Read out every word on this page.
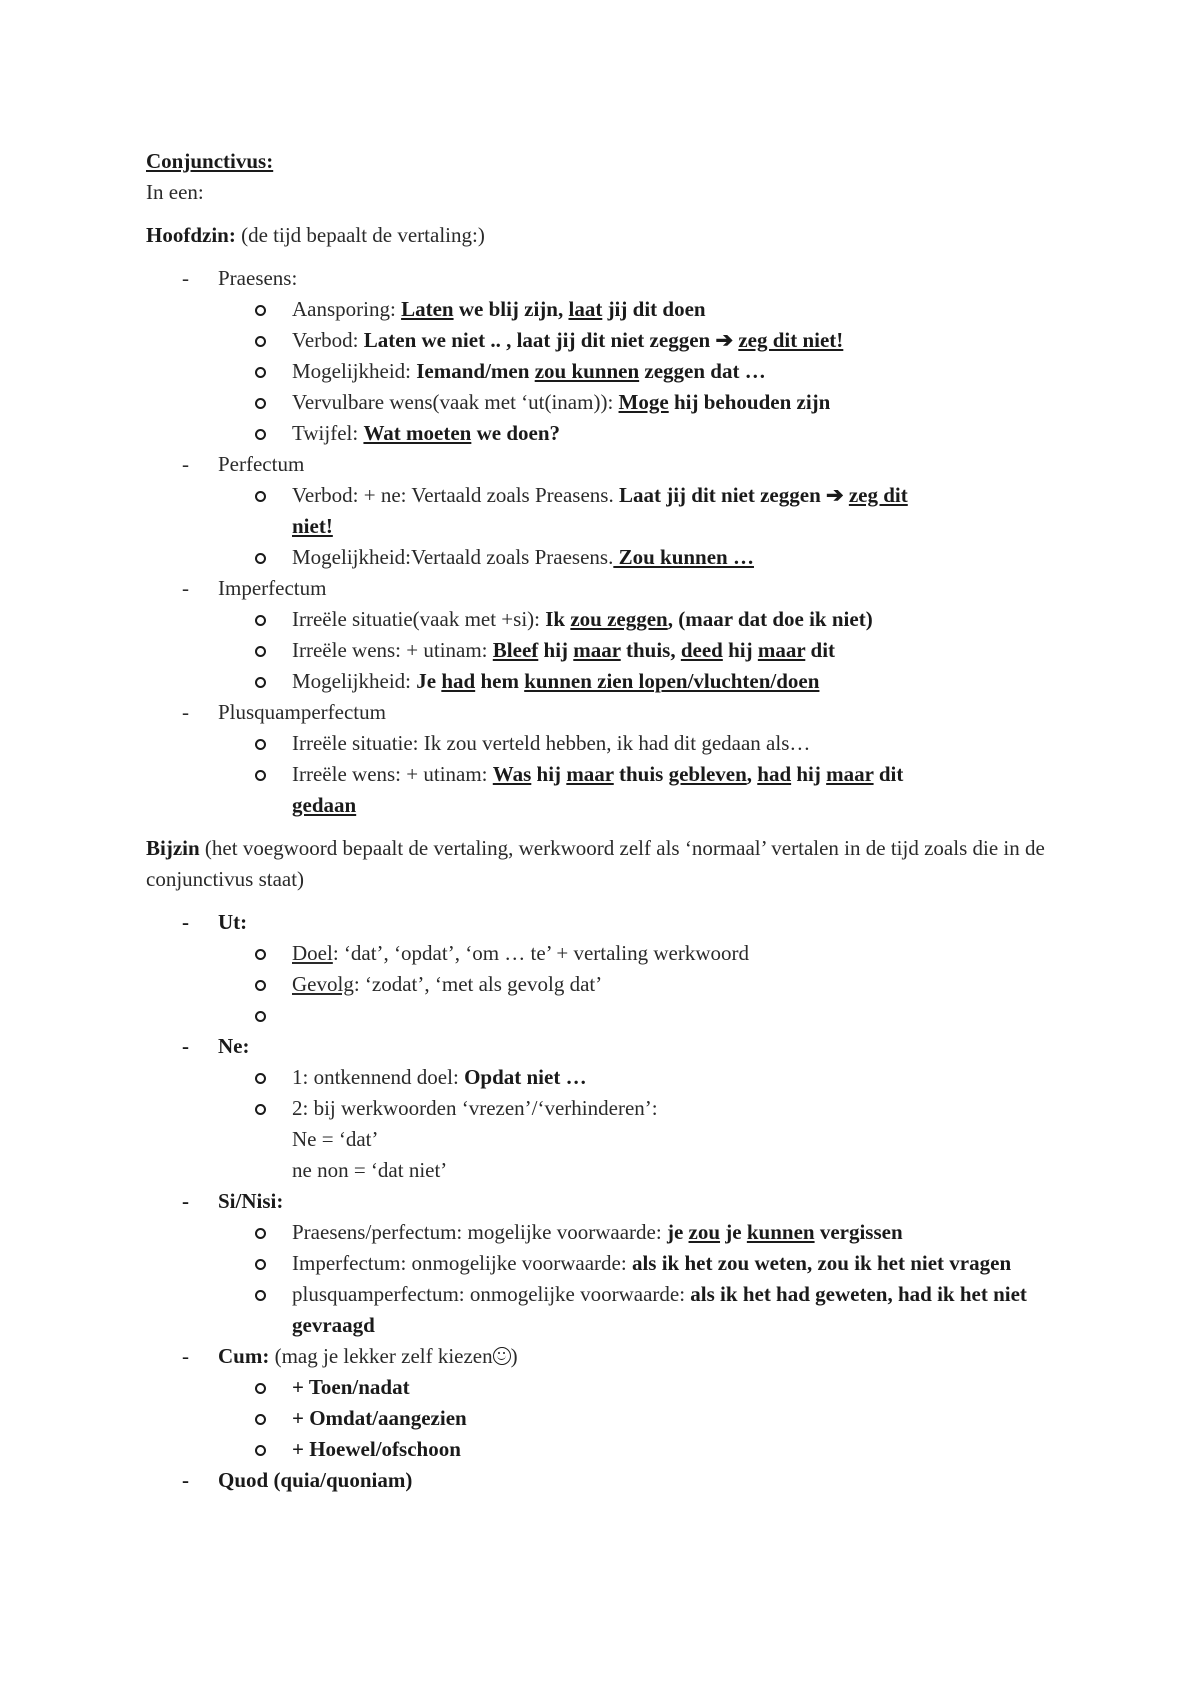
Conjunctivus:

In een:

Hoofdzin: (de tijd bepaalt de vertaling:)

- Praesens:

Aansporing: Laten we blij zijn, laat jij dit doen

Verbod: Laten we niet .. , laat jij dit niet zeggen ➔ zeg dit niet!

Mogelijkheid: Iemand/men zou kunnen zeggen dat …

Vervulbare wens(vaak met ‘ut(inam)): Moge hij behouden zijn

Twijfel: Wat moeten we doen?

- Perfectum

Verbod: + ne: Vertaald zoals Preasens. Laat jij dit niet zeggen ➔ zeg dit
niet!

Mogelijkheid:Vertaald zoals Praesens. Zou kunnen …

- Imperfectum

Irreële situatie(vaak met +si): Ik zou zeggen, (maar dat doe ik niet)

Irreële wens: + utinam: Bleef hij maar thuis, deed hij maar dit

Mogelijkheid: Je had hem kunnen zien lopen/vluchten/doen

- Plusquamperfectum

Irreële situatie: Ik zou verteld hebben, ik had dit gedaan als…

Irreële wens: + utinam: Was hij maar thuis gebleven, had hij maar dit
gedaan

Bijzin (het voegwoord bepaalt de vertaling, werkwoord zelf als ‘normaal’ vertalen in de tijd zoals die in de conjunctivus staat)

- Ut:

Doel: ‘dat’, ‘opdat’, ‘om … te’ + vertaling werkwoord

Gevolg: ‘zodat’, ‘met als gevolg dat’

- Ne:

1: ontkennend doel: Opdat niet …

2: bij werkwoorden ‘vrezen’/‘verhinderen’:

Ne = ‘dat’

ne non = ‘dat niet’

- Si/Nisi:

Praesens/perfectum: mogelijke voorwaarde: je zou je kunnen vergissen

Imperfectum: onmogelijke voorwaarde: als ik het zou weten, zou ik het niet vragen

plusquamperfectum: onmogelijke voorwaarde: als ik het had geweten, had ik het niet gevraagd

- Cum: (mag je lekker zelf kiezen )

+ Toen/nadat

+ Omdat/aangezien

+ Hoewel/ofschoon

- Quod (quia/quoniam)
